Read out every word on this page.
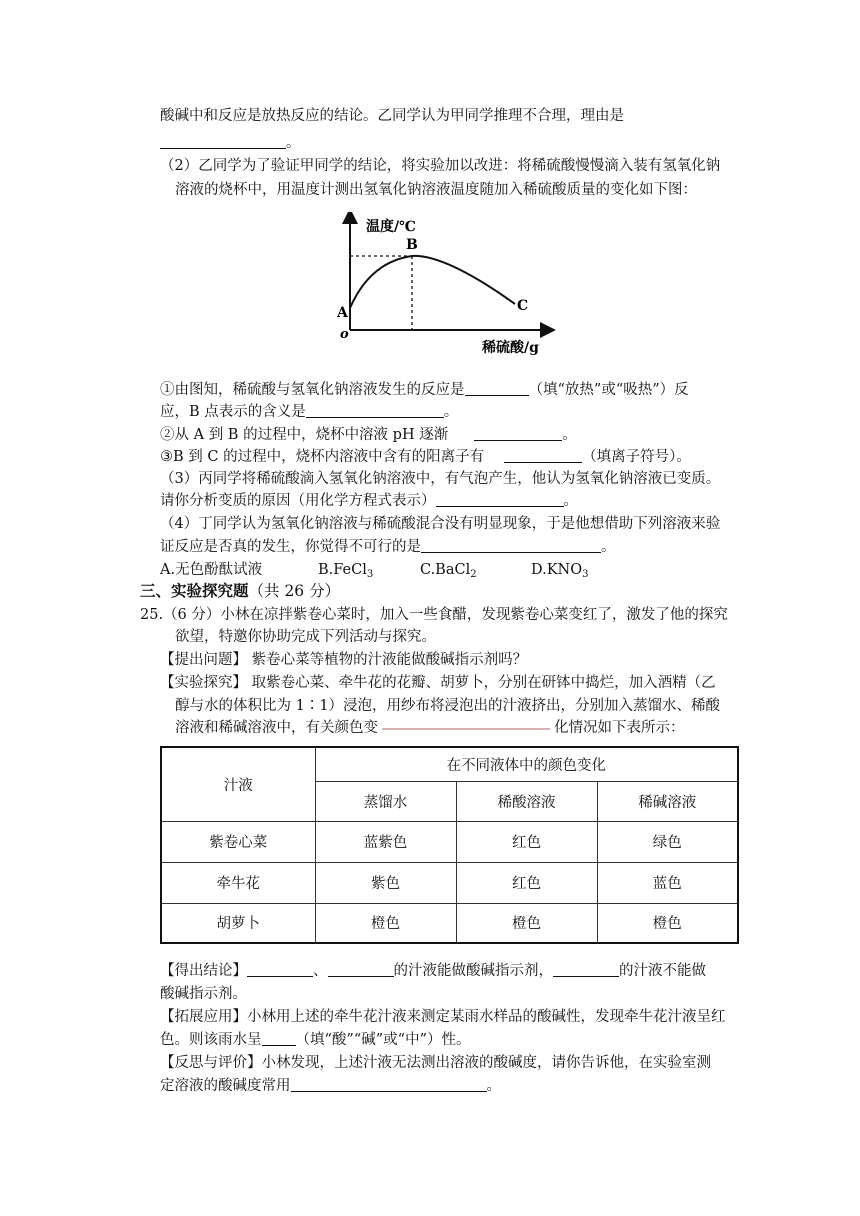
酸碱中和反应是放热反应的结论。乙同学认为甲同学推理不合理，理由是
。
（2）乙同学为了验证甲同学的结论，将实验加以改进：将稀硫酸慢慢滴入装有氢氧化钠
溶液的烧杯中，用温度计测出氢氧化钠溶液温度随加入稀硫酸质量的变化如下图：
温度/℃
o
A
B
C
稀硫酸/g
①由图知，稀硫酸与氢氧化钠溶液发生的反应是	（填“放热”或“吸热”）反
应，B 点表示的含义是	。
②从 A 到 B 的过程中，烧杯中溶液 pH 逐渐	。
③B 到 C 的过程中，烧杯内溶液中含有的阳离子有	（填离子符号）。
（3）丙同学将稀硫酸滴入氢氧化钠溶液中，有气泡产生，他认为氢氧化钠溶液已变质。
请你分析变质的原因（用化学方程式表示）	。
（4）丁同学认为氢氧化钠溶液与稀硫酸混合没有明显现象，于是他想借助下列溶液来验
证反应是否真的发生，你觉得不可行的是	。
A.无色酚酞试液	B.FeCl$_3$	C.BaCl$_2$	$D.KNO_3$
三、实验探究题（共 26 分）
25.（6 分）小林在凉拌紫卷心菜时，加入一些食醋，发现紫卷心菜变红了，激发了他的探究
欲望，特邀你协助完成下列活动与探究。
【提出问题】 紫卷心菜等植物的汁液能做酸碱指示剂吗？
【实验探究】 取紫卷心菜、牵牛花的花瓣、胡萝卜，分别在研钵中捣烂，加入酒精（乙
醇与水的体积比为 1∶1）浸泡，用纱布将浸泡出的汁液挤出，分别加入蒸馏水、稀酸
溶液和稀碱溶液中，有关颜色变	化情况如下表所示：
汁液	在不同液体中的颜色变化		
	蒸馏水	稀酸溶液	稀碱溶液
紫卷心菜	蓝紫色	红色	绿色
牵牛花	紫色	红色	蓝色
胡萝卜	橙色	橙色	橙色
【得出结论】	、	的汁液能做酸碱指示剂，	的汁液不能做
酸碱指示剂。
【拓展应用】小林用上述的牵牛花汁液来测定某雨水样品的酸碱性，发现牵牛花汁液呈红
色。则该雨水呈 （填“酸”“碱”或“中”）性。
【反思与评价】小林发现，上述汁液无法测出溶液的酸碱度，请你告诉他，在实验室测
定溶液的酸碱度常用	。
